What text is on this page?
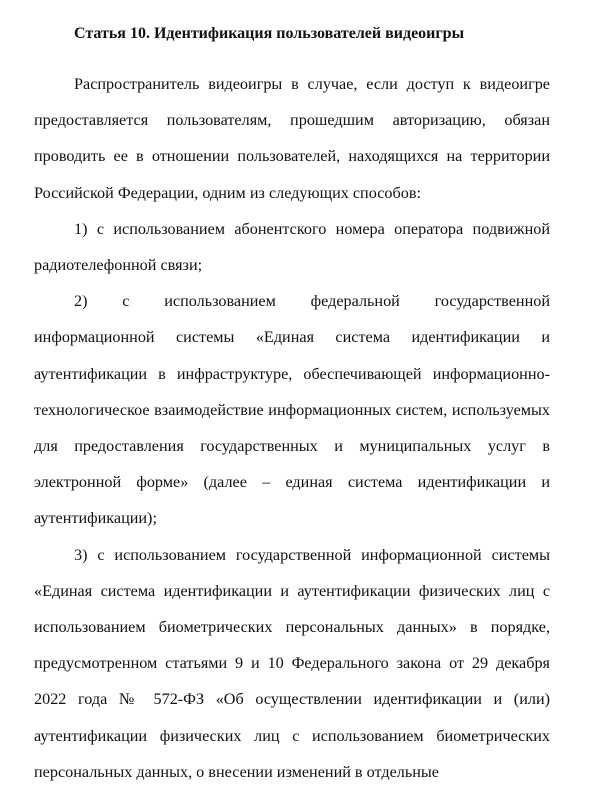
Статья 10. Идентификация пользователей видеоигры

Распространитель видеоигры в случае, если доступ к видеоигре предоставляется пользователям, прошедшим авторизацию, обязан проводить ее в отношении пользователей, находящихся на территории Российской Федерации, одним из следующих способов:

1) с использованием абонентского номера оператора подвижной радиотелефонной связи;

2) с использованием федеральной государственной информационной системы «Единая система идентификации и аутентификации в инфраструктуре, обеспечивающей информационно-технологическое взаимодействие информационных систем, используемых для предоставления государственных и муниципальных услуг в электронной форме» (далее – единая система идентификации и аутентификации);

3) с использованием государственной информационной системы «Единая система идентификации и аутентификации физических лиц с использованием биометрических персональных данных» в порядке, предусмотренном статьями 9 и 10 Федерального закона от 29 декабря 2022 года № 572-ФЗ «Об осуществлении идентификации и (или) аутентификации физических лиц с использованием биометрических персональных данных, о внесении изменений в отдельные
